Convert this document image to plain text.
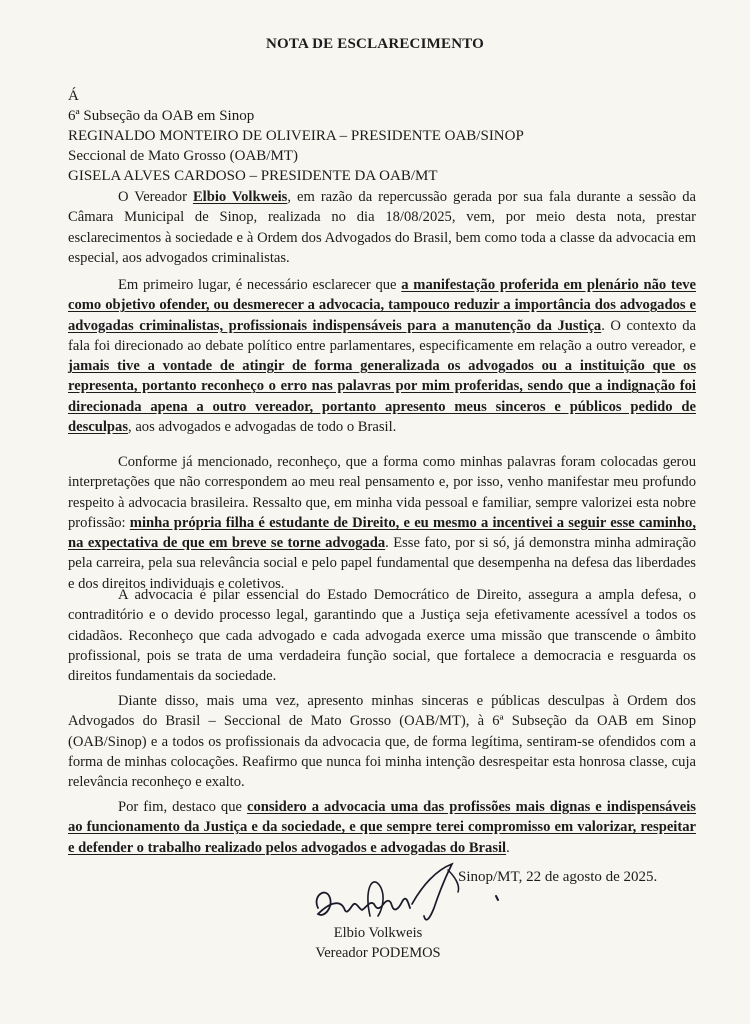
NOTA DE ESCLARECIMENTO
Á
6ª Subseção da OAB em Sinop
REGINALDO MONTEIRO DE OLIVEIRA – PRESIDENTE OAB/SINOP
Seccional de Mato Grosso (OAB/MT)
GISELA ALVES CARDOSO – PRESIDENTE DA OAB/MT

O Vereador Elbio Volkweis, em razão da repercussão gerada por sua fala durante a sessão da Câmara Municipal de Sinop, realizada no dia 18/08/2025, vem, por meio desta nota, prestar esclarecimentos à sociedade e à Ordem dos Advogados do Brasil, bem como toda a classe da advocacia em especial, aos advogados criminalistas.

Em primeiro lugar, é necessário esclarecer que a manifestação proferida em plenário não teve como objetivo ofender, ou desmerecer a advocacia, tampouco reduzir a importância dos advogados e advogadas criminalistas, profissionais indispensáveis para a manutenção da Justiça. O contexto da fala foi direcionado ao debate político entre parlamentares, especificamente em relação a outro vereador, e jamais tive a vontade de atingir de forma generalizada os advogados ou a instituição que os representa, portanto reconheço o erro nas palavras por mim proferidas, sendo que a indignação foi direcionada apena a outro vereador, portanto apresento meus sinceros e públicos pedido de desculpas, aos advogados e advogadas de todo o Brasil.

Conforme já mencionado, reconheço, que a forma como minhas palavras foram colocadas gerou interpretações que não correspondem ao meu real pensamento e, por isso, venho manifestar meu profundo respeito à advocacia brasileira. Ressalto que, em minha vida pessoal e familiar, sempre valorizei esta nobre profissão: minha própria filha é estudante de Direito, e eu mesmo a incentivei a seguir esse caminho, na expectativa de que em breve se torne advogada. Esse fato, por si só, já demonstra minha admiração pela carreira, pela sua relevância social e pelo papel fundamental que desempenha na defesa das liberdades e dos direitos individuais e coletivos.

A advocacia é pilar essencial do Estado Democrático de Direito, assegura a ampla defesa, o contraditório e o devido processo legal, garantindo que a Justiça seja efetivamente acessível a todos os cidadãos. Reconheço que cada advogado e cada advogada exerce uma missão que transcende o âmbito profissional, pois se trata de uma verdadeira função social, que fortalece a democracia e resguarda os direitos fundamentais da sociedade.

Diante disso, mais uma vez, apresento minhas sinceras e públicas desculpas à Ordem dos Advogados do Brasil – Seccional de Mato Grosso (OAB/MT), à 6ª Subseção da OAB em Sinop (OAB/Sinop) e a todos os profissionais da advocacia que, de forma legítima, sentiram-se ofendidos com a forma de minhas colocações. Reafirmo que nunca foi minha intenção desrespeitar esta honrosa classe, cuja relevância reconheço e exalto.

Por fim, destaco que considero a advocacia uma das profissões mais dignas e indispensáveis ao funcionamento da Justiça e da sociedade, e que sempre terei compromisso em valorizar, respeitar e defender o trabalho realizado pelos advogados e advogadas do Brasil.

Sinop/MT, 22 de agosto de 2025.
Elbio Volkweis
Vereador PODEMOS
